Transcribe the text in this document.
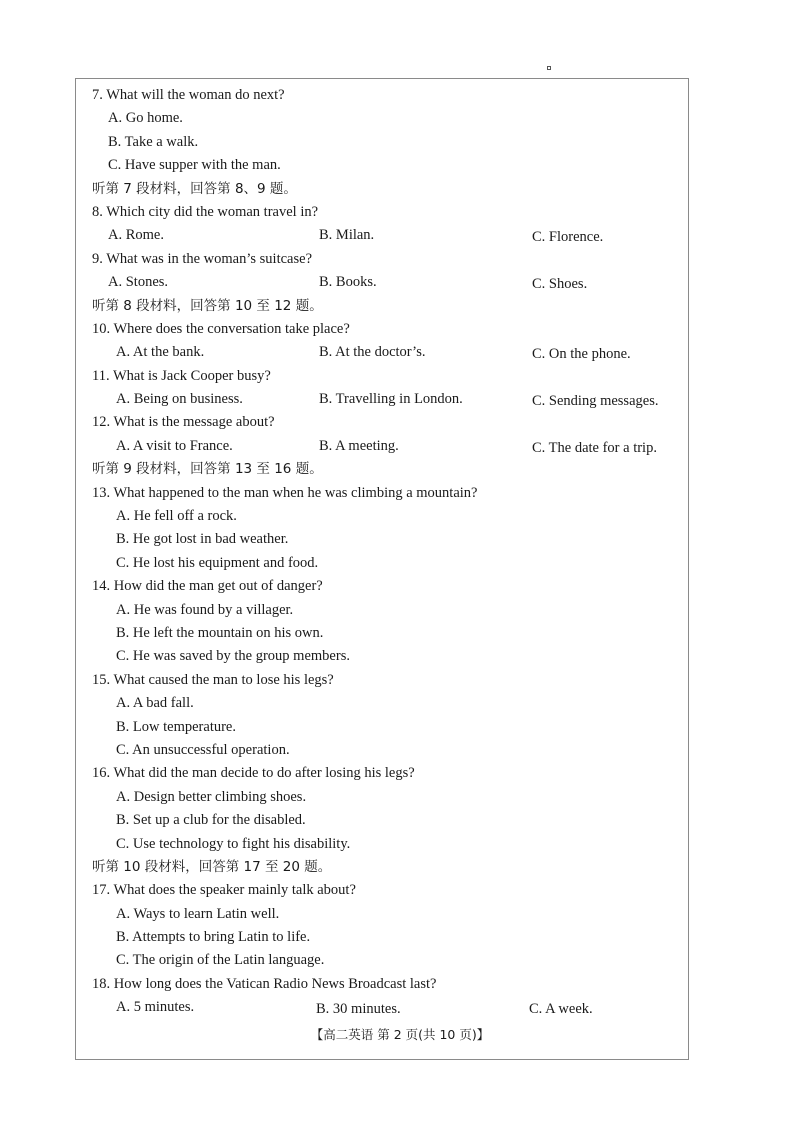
7. What will the woman do next?
A. Go home.
B. Take a walk.
C. Have supper with the man.
听第 7 段材料，回答第 8、9 题。
8. Which city did the woman travel in?
A. Rome.	B. Milan.	C. Florence.
9. What was in the woman’s suitcase?
A. Stones.	B. Books.	C. Shoes.
听第 8 段材料，回答第 10 至 12 题。
10. Where does the conversation take place?
A. At the bank.	B. At the doctor’s.	C. On the phone.
11. What is Jack Cooper busy?
A. Being on business.	B. Travelling in London.	C. Sending messages.
12. What is the message about?
A. A visit to France.	B. A meeting.	C. The date for a trip.
听第 9 段材料，回答第 13 至 16 题。
13. What happened to the man when he was climbing a mountain?
A. He fell off a rock.
B. He got lost in bad weather.
C. He lost his equipment and food.
14. How did the man get out of danger?
A. He was found by a villager.
B. He left the mountain on his own.
C. He was saved by the group members.
15. What caused the man to lose his legs?
A. A bad fall.
B. Low temperature.
C. An unsuccessful operation.
16. What did the man decide to do after losing his legs?
A. Design better climbing shoes.
B. Set up a club for the disabled.
C. Use technology to fight his disability.
听第 10 段材料，回答第 17 至 20 题。
17. What does the speaker mainly talk about?
A. Ways to learn Latin well.
B. Attempts to bring Latin to life.
C. The origin of the Latin language.
18. How long does the Vatican Radio News Broadcast last?
A. 5 minutes.	B. 30 minutes.	C. A week.
【高二英语 第 2 页(共 10 页)】
